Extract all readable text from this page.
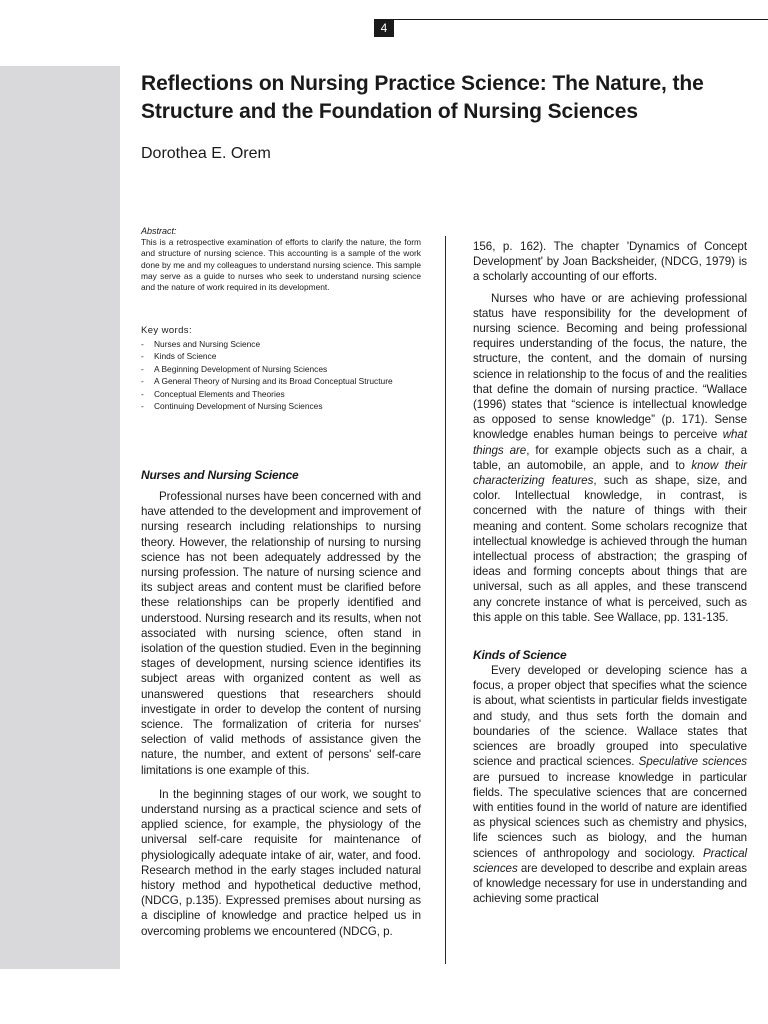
4
Reflections on Nursing Practice Science: The Nature, the Structure and the Foundation of Nursing Sciences
Dorothea E. Orem

Abstract:

This is a retrospective examination of efforts to clarify the nature, the form and structure of nursing science. This accounting is a sample of the work done by me and my colleagues to understand nursing science. This sample may serve as a guide to nurses who seek to understand nursing science and the nature of work required in its development.

Key words:

- Nurses and Nursing Science
- Kinds of Science
- A Beginning Development of Nursing Sciences
- A General Theory of Nursing and its Broad Conceptual Structure
- Conceptual Elements and Theories
- Continuing Development of Nursing Sciences
Nurses and Nursing Science

Professional nurses have been concerned with and have attended to the development and improvement of nursing research including relationships to nursing theory. However, the relationship of nursing to nursing science has not been adequately addressed by the nursing profession. The nature of nursing science and its subject areas and content must be clarified before these relationships can be properly identified and understood. Nursing research and its results, when not associated with nursing science, often stand in isolation of the question studied. Even in the beginning stages of development, nursing science identifies its subject areas with organized content as well as unanswered questions that researchers should investigate in order to develop the content of nursing science. The formalization of criteria for nurses' selection of valid methods of assistance given the nature, the number, and extent of persons' self-care limitations is one example of this.

In the beginning stages of our work, we sought to understand nursing as a practical science and sets of applied science, for example, the physiology of the universal self-care requisite for maintenance of physiologically adequate intake of air, water, and food. Research method in the early stages included natural history method and hypothetical deductive method, (NDCG, p.135). Expressed premises about nursing as a discipline of knowledge and practice helped us in overcoming problems we encountered (NDCG, p.

156, p. 162). The chapter 'Dynamics of Concept Development' by Joan Backsheider, (NDCG, 1979) is a scholarly accounting of our efforts.

Nurses who have or are achieving professional status have responsibility for the development of nursing science. Becoming and being professional requires understanding of the focus, the nature, the structure, the content, and the domain of nursing science in relationship to the focus of and the realities that define the domain of nursing practice. “Wallace (1996) states that “science is intellectual knowledge as opposed to sense knowledge” (p. 171). Sense knowledge enables human beings to perceive what things are, for example objects such as a chair, a table, an automobile, an apple, and to know their characterizing features, such as shape, size, and color. Intellectual knowledge, in contrast, is concerned with the nature of things with their meaning and content. Some scholars recognize that intellectual knowledge is achieved through the human intellectual process of abstraction; the grasping of ideas and forming concepts about things that are universal, such as all apples, and these transcend any concrete instance of what is perceived, such as this apple on this table. See Wallace, pp. 131-135.

Kinds of Science

Every developed or developing science has a focus, a proper object that specifies what the science is about, what scientists in particular fields investigate and study, and thus sets forth the domain and boundaries of the science. Wallace states that sciences are broadly grouped into speculative science and practical sciences. Speculative sciences are pursued to increase knowledge in particular fields. The speculative sciences that are concerned with entities found in the world of nature are identified as physical sciences such as chemistry and physics, life sciences such as biology, and the human sciences of anthropology and sociology. Practical sciences are developed to describe and explain areas of knowledge necessary for use in understanding and achieving some practical
